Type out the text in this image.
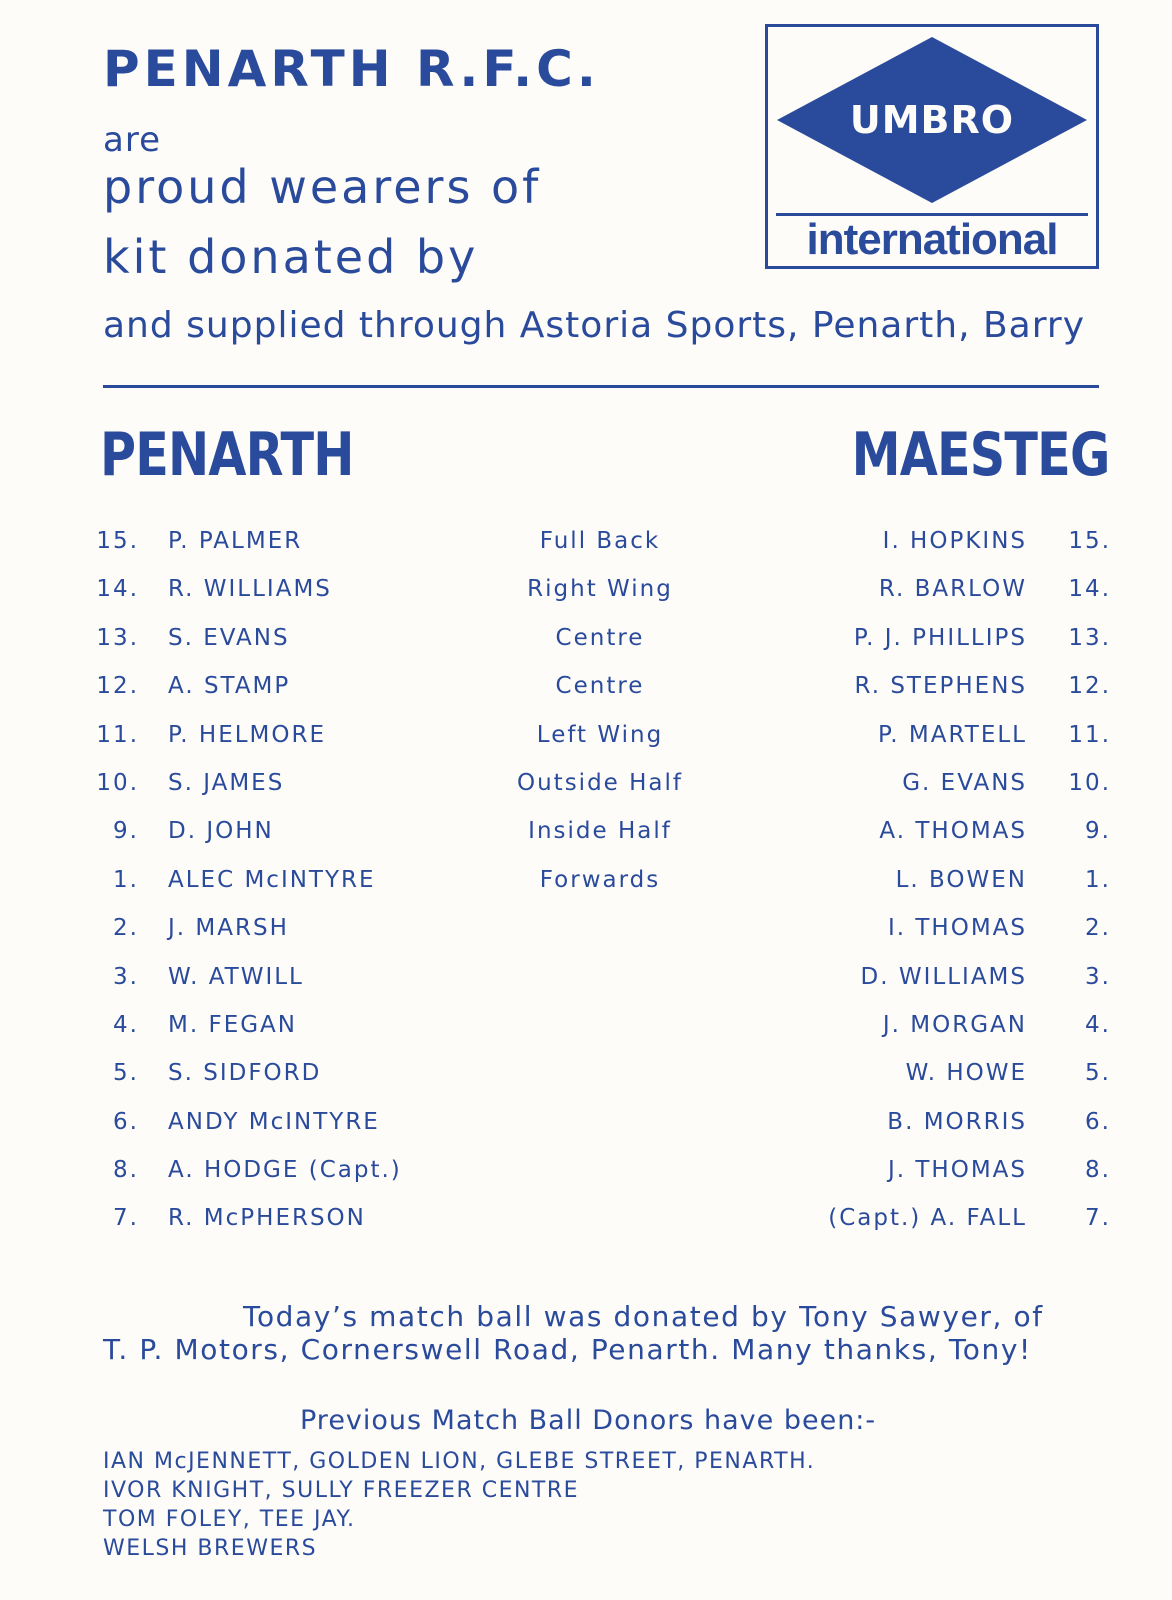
PENARTH R.F.C.
are
proud wearers of
kit donated by
and supplied through Astoria Sports, Penarth, Barry
UMBRO
international
PENARTH	MAESTEG
15. P. PALMER	Full Back	I. HOPKINS 15.
14. R. WILLIAMS	Right Wing	R. BARLOW 14.
13. S. EVANS	Centre	P. J. PHILLIPS 13.
12. A. STAMP	Centre	R. STEPHENS 12.
11. P. HELMORE	Left Wing	P. MARTELL 11.
10. S. JAMES	Outside Half	G. EVANS 10.
9. D. JOHN	Inside Half	A. THOMAS	9.
1. ALEC McINTYRE	Forwards	L. BOWEN	1.
2. J. MARSH	I. THOMAS	2.
3. W. ATWILL	D. WILLIAMS	3.
4. M. FEGAN	J. MORGAN	4.
5. S. SIDFORD	W. HOWE	5.
6. ANDY McINTYRE	B. MORRIS	6.
8. A. HODGE (Capt.)	J. THOMAS	8.
7. R. McPHERSON	(Capt.) A. FALL	7.
Today’s match ball was donated by Tony Sawyer, of
T. P. Motors, Cornerswell Road, Penarth. Many thanks, Tony!
Previous Match Ball Donors have been:-
IAN McJENNETT, GOLDEN LION, GLEBE STREET, PENARTH.
IVOR KNIGHT, SULLY FREEZER CENTRE
TOM FOLEY, TEE JAY.
WELSH BREWERS
